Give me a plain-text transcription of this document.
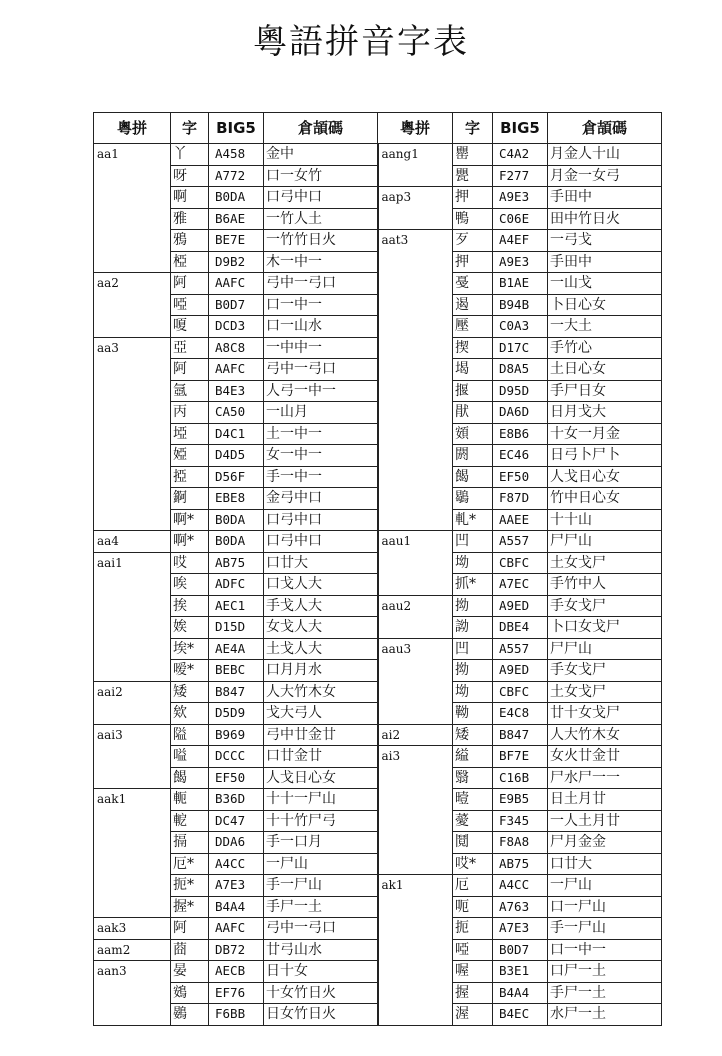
粵語拼音字表
粵拼	字	BIG5	倉頡碼	粵拼	字	BIG5	倉頡碼
aa1	丫	A458	金中	aang1	罌	C4A2	月金人十山
	呀	A772	口一女竹		甖	F277	月金一女弓
	啊	B0DA	口弓中口	aap3	押	A9E3	手田中
	雅	B6AE	一竹人土		鴨	C06E	田中竹日火
	鴉	BE7E	一竹竹日火	aat3	歹	A4EF	一弓戈
	椏	D9B2	木一中一		押	A9E3	手田中
aa2	阿	AAFC	弓中一弓口		戞	B1AE	一山戈
	啞	B0D7	口一中一		遏	B94B	卜日心女
	嗄	DCD3	口一山水		壓	C0A3	一大土
aa3	亞	A8C8	一中中一		揳	D17C	手竹心
	阿	AAFC	弓中一弓口		堨	D8A5	土日心女
	氬	B4E3	人弓一中一		揠	D95D	手尸日女
	丙	CA50	一山月		猒	DA6D	日月戈大
	埡	D4C1	土一中一		頞	E8B6	十女一月金
	婭	D4D5	女一中一		閼	EC46	日弓卜尸卜
	掗	D56F	手一中一		餲	EF50	人戈日心女
	錒	EBE8	金弓中口		鶡	F87D	竹中日心女
	啊*	B0DA	口弓中口		軋*	AAEE	十十山
aa4	啊*	B0DA	口弓中口	aau1	凹	A557	尸尸山
aai1	哎	AB75	口廿大		坳	CBFC	土女戈尸
	唉	ADFC	口戈人大		抓*	A7EC	手竹中人
	挨	AEC1	手戈人大	aau2	拗	A9ED	手女戈尸
	娭	D15D	女戈人大		詏	DBE4	卜口女戈尸
	埃*	AE4A	土戈人大	aau3	凹	A557	尸尸山
	嗳*	BEBC	口月月水		拗	A9ED	手女戈尸
aai2	矮	B847	人大竹木女		坳	CBFC	土女戈尸
	欸	D5D9	戈大弓人		靿	E4C8	廿十女戈尸
aai3	隘	B969	弓中廿金廿	ai2	矮	B847	人大竹木女
	嗌	DCCC	口廿金廿	ai3	縊	BF7E	女火廿金廿
	餲	EF50	人戈日心女		翳	C16B	尸水尸一一
aak1	軛	B36D	十十一尸山		曀	E9B5	日土月廿
	軶	DC47	十十竹尸弓		薆	F345	一人土月廿
	搹	DDA6	手一口月		鬩	F8A8	尸月金金
	厄*	A4CC	一尸山		哎*	AB75	口廿大
	扼*	A7E3	手一尸山	ak1	厄	A4CC	一尸山
	握*	B4A4	手尸一土		呃	A763	口一尸山
aak3	阿	AAFC	弓中一弓口		扼	A7E3	手一尸山
aam2	莔	DB72	廿弓山水		啞	B0D7	口一中一
aan3	晏	AECB	日十女		喔	B3E1	口尸一土
	鴳	EF76	十女竹日火		握	B4A4	手尸一土
	鷃	F6BB	日女竹日火		渥	B4EC	水尸一土
